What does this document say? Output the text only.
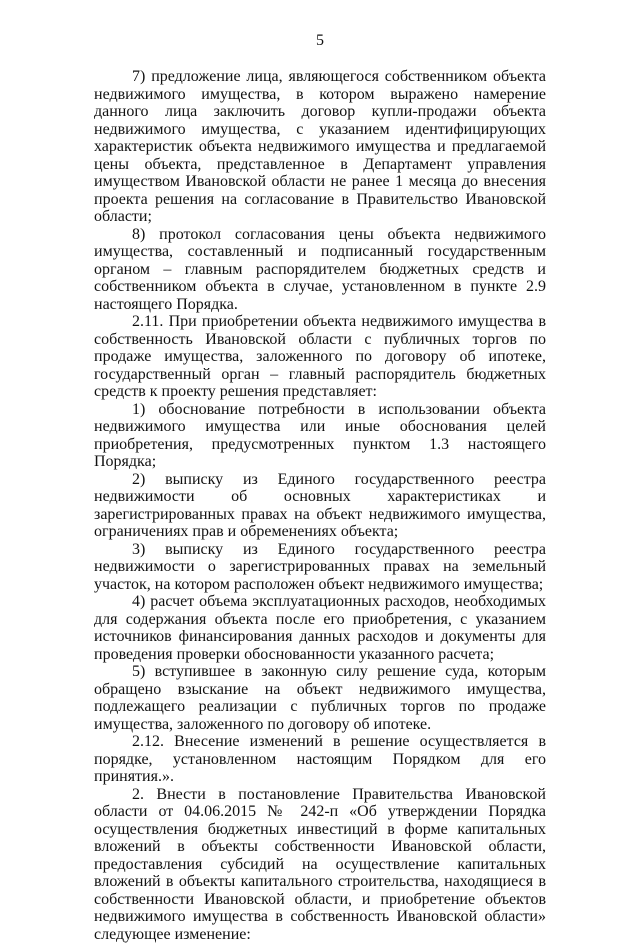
5

7) предложение лица, являющегося собственником объекта недвижимого имущества, в котором выражено намерение данного лица заключить договор купли-продажи объекта недвижимого имущества, с указанием идентифицирующих характеристик объекта недвижимого имущества и предлагаемой цены объекта, представленное в Департамент управления имуществом Ивановской области не ранее 1 месяца до внесения проекта решения на согласование в Правительство Ивановской области;

8) протокол согласования цены объекта недвижимого имущества, составленный и подписанный государственным органом – главным распорядителем бюджетных средств и собственником объекта в случае, установленном в пункте 2.9 настоящего Порядка.

2.11. При приобретении объекта недвижимого имущества в собственность Ивановской области с публичных торгов по продаже имущества, заложенного по договору об ипотеке, государственный орган – главный распорядитель бюджетных средств к проекту решения представляет:

1) обоснование потребности в использовании объекта недвижимого имущества или иные обоснования целей приобретения, предусмотренных пунктом 1.3 настоящего Порядка;

2) выписку из Единого государственного реестра недвижимости об основных характеристиках и зарегистрированных правах на объект недвижимого имущества, ограничениях прав и обременениях объекта;

3) выписку из Единого государственного реестра недвижимости о зарегистрированных правах на земельный участок, на котором расположен объект недвижимого имущества;

4) расчет объема эксплуатационных расходов, необходимых для содержания объекта после его приобретения, с указанием источников финансирования данных расходов и документы для проведения проверки обоснованности указанного расчета;

5) вступившее в законную силу решение суда, которым обращено взыскание на объект недвижимого имущества, подлежащего реализации с публичных торгов по продаже имущества, заложенного по договору об ипотеке.

2.12. Внесение изменений в решение осуществляется в порядке, установленном настоящим Порядком для его принятия.».

2. Внести в постановление Правительства Ивановской области от 04.06.2015 № 242-п «Об утверждении Порядка осуществления бюджетных инвестиций в форме капитальных вложений в объекты собственности Ивановской области, предоставления субсидий на осуществление капитальных вложений в объекты капитального строительства, находящиеся в собственности Ивановской области, и приобретение объектов недвижимого имущества в собственность Ивановской области» следующее изменение:
